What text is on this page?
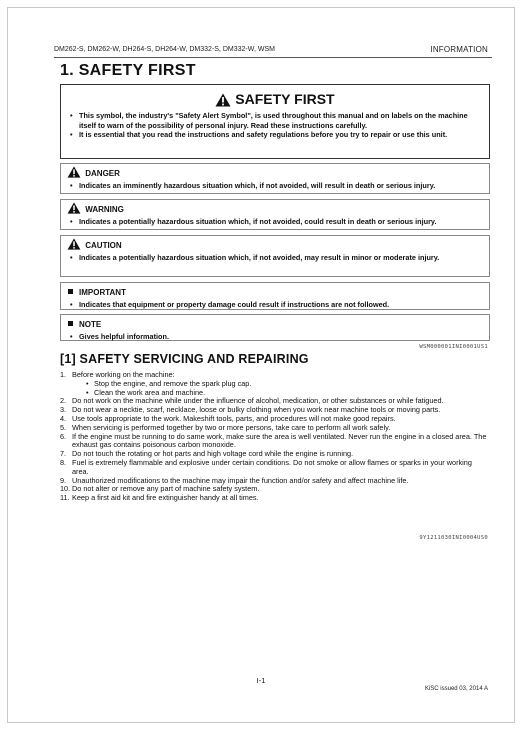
DM262-S, DM262-W, DH264-S, DH264-W, DM332-S, DM332-W, WSM	INFORMATION
1. SAFETY FIRST
SAFETY FIRST
• This symbol, the industry's "Safety Alert Symbol", is used throughout this manual and on labels on the machine itself to warn of the possibility of personal injury. Read these instructions carefully.
• It is essential that you read the instructions and safety regulations before you try to repair or use this unit.
DANGER
• Indicates an imminently hazardous situation which, if not avoided, will result in death or serious injury.
WARNING
• Indicates a potentially hazardous situation which, if not avoided, could result in death or serious injury.
CAUTION
• Indicates a potentially hazardous situation which, if not avoided, may result in minor or moderate injury.
IMPORTANT
• Indicates that equipment or property damage could result if instructions are not followed.
NOTE
• Gives helpful information.
WSM000001INI0001US1
[1] SAFETY SERVICING AND REPAIRING
1. Before working on the machine:
• Stop the engine, and remove the spark plug cap.
• Clean the work area and machine.
2. Do not work on the machine while under the influence of alcohol, medication, or other substances or while fatigued.
3. Do not wear a necktie, scarf, necklace, loose or bulky clothing when you work near machine tools or moving parts.
4. Use tools appropriate to the work. Makeshift tools, parts, and procedures will not make good repairs.
5. When servicing is performed together by two or more persons, take care to perform all work safely.
6. If the engine must be running to do same work, make sure the area is well ventilated. Never run the engine in a closed area. The exhaust gas contains poisonous carbon monoxide.
7. Do not touch the rotating or hot parts and high voltage cord while the engine is running.
8. Fuel is extremely flammable and explosive under certain conditions. Do not smoke or allow flames or sparks in your working area.
9. Unauthorized modifications to the machine may impair the function and/or safety and affect machine life.
10. Do not alter or remove any part of machine safety system.
11. Keep a first aid kit and fire extinguisher handy at all times.
9Y1211030INI0004US0
I-1
KiSC issued 03, 2014 A
